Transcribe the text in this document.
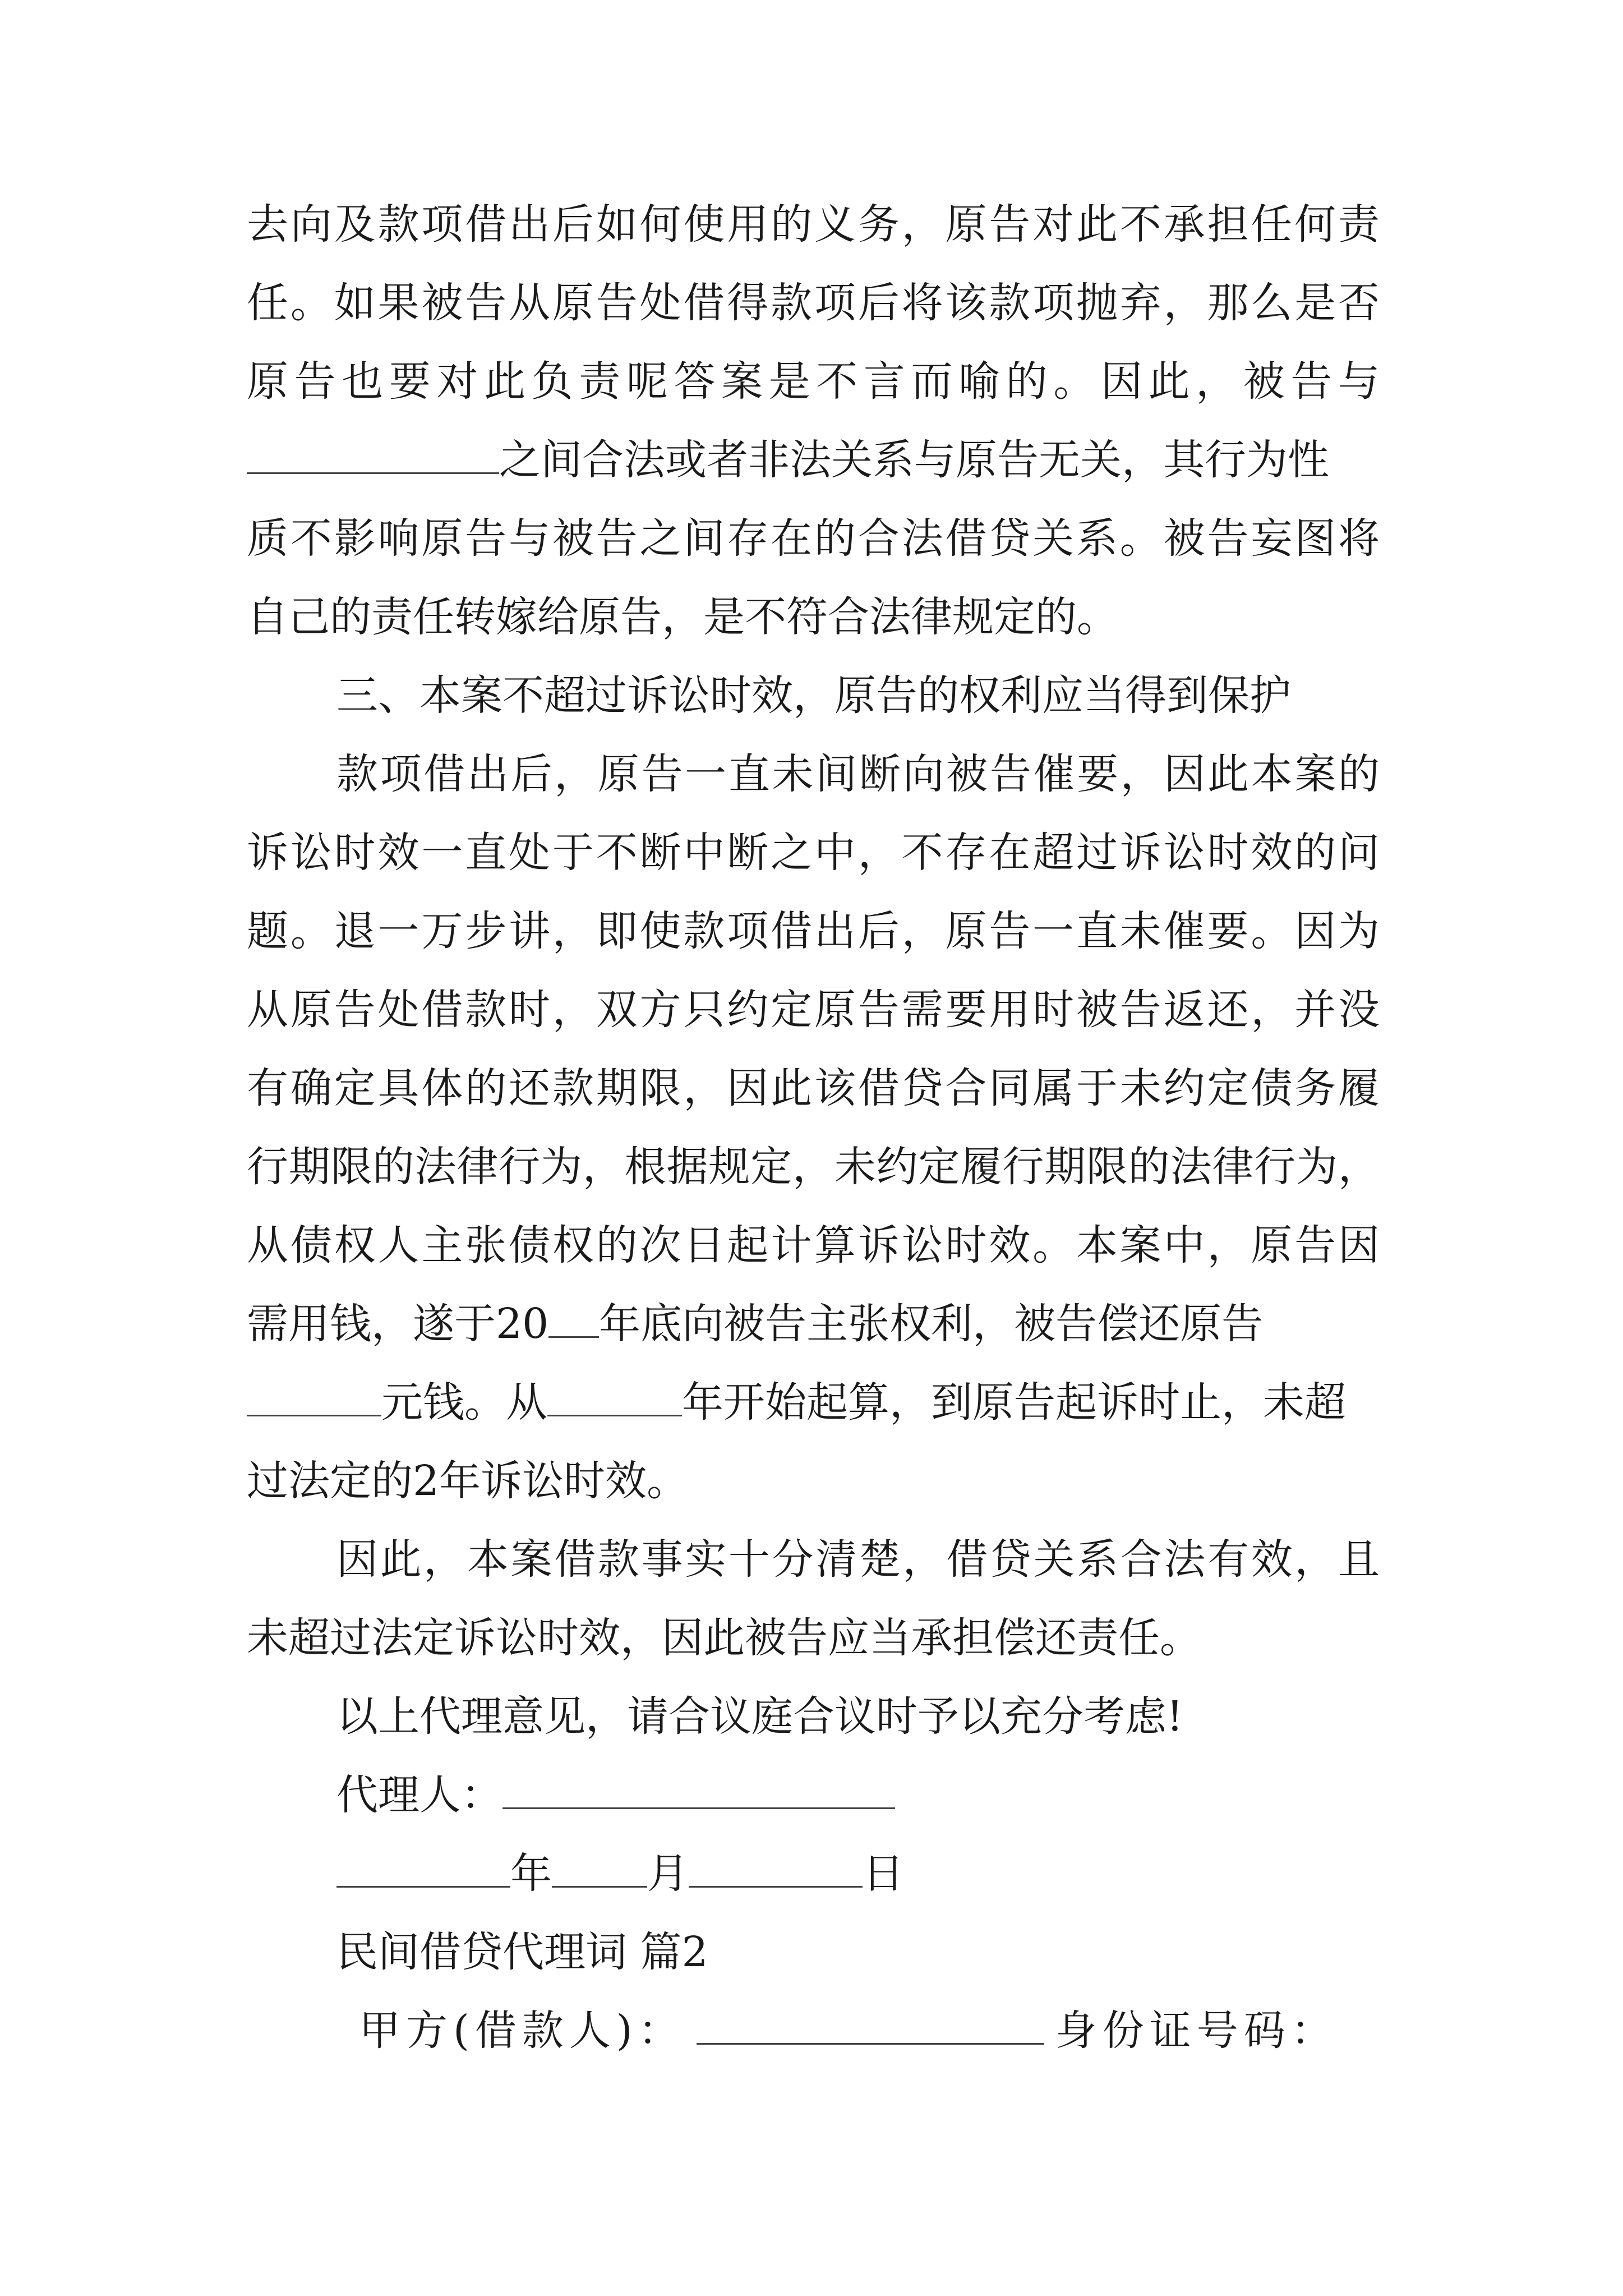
去向及款项借出后如何使用的义务，原告对此不承担任何责
任。如果被告从原告处借得款项后将该款项抛弃，那么是否
原告也要对此负责呢答案是不言而喻的。因此，被告与
之间合法或者非法关系与原告无关，其行为性
质不影响原告与被告之间存在的合法借贷关系。被告妄图将
自己的责任转嫁给原告，是不符合法律规定的。
三、本案不超过诉讼时效，原告的权利应当得到保护
款项借出后，原告一直未间断向被告催要，因此本案的
诉讼时效一直处于不断中断之中，不存在超过诉讼时效的问
题。退一万步讲，即使款项借出后，原告一直未催要。因为
从原告处借款时，双方只约定原告需要用时被告返还，并没
有确定具体的还款期限，因此该借贷合同属于未约定债务履
行期限的法律行为，根据规定，未约定履行期限的法律行为，
从债权人主张债权的次日起计算诉讼时效。本案中，原告因
需用钱，遂于20 年底向被告主张权利，被告偿还原告
元钱。从	年开始起算，到原告起诉时止，未超
过法定的2年诉讼时效。
因此，本案借款事实十分清楚，借贷关系合法有效，且
未超过法定诉讼时效，因此被告应当承担偿还责任。
以上代理意见，请合议庭合议时予以充分考虑!
代理人：
年 月	日
民间借贷代理词 篇2
甲方(借款人)：	身份证号码：
